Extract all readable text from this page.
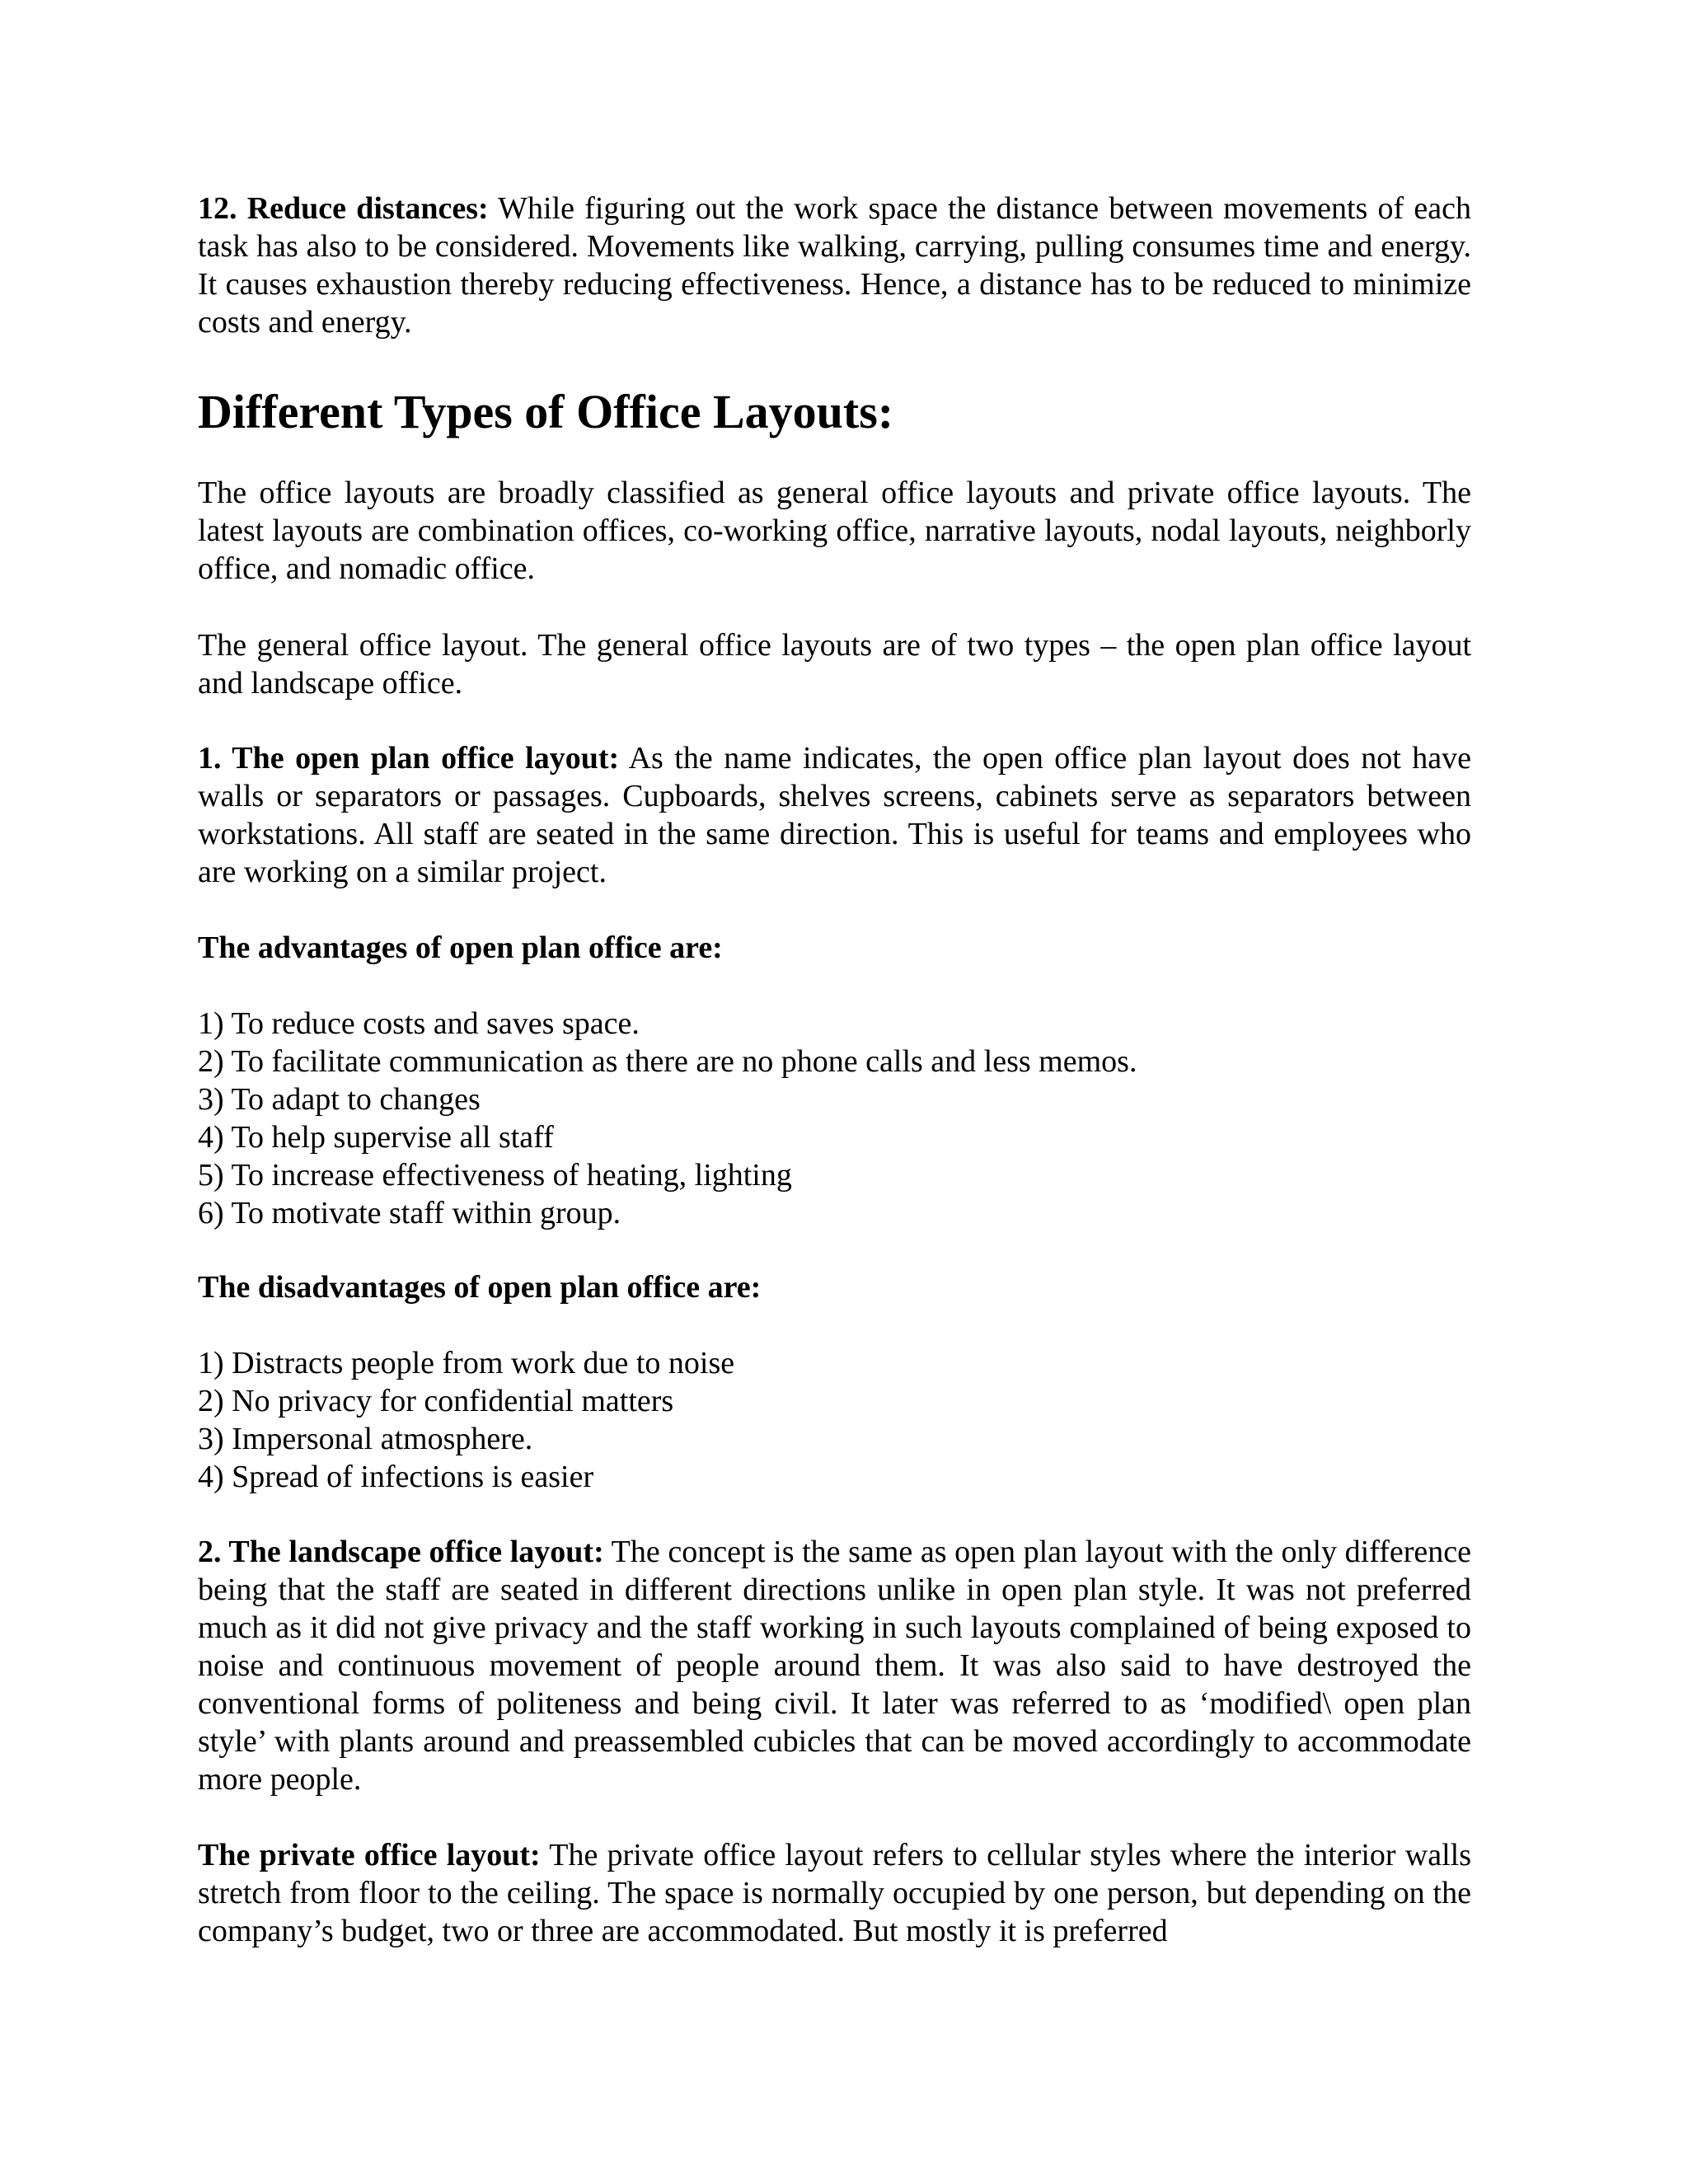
12. Reduce distances: While figuring out the work space the distance between movements of each task has also to be considered. Movements like walking, carrying, pulling consumes time and energy. It causes exhaustion thereby reducing effectiveness. Hence, a distance has to be reduced to minimize costs and energy.

Different Types of Office Layouts:

The office layouts are broadly classified as general office layouts and private office layouts. The latest layouts are combination offices, co-working office, narrative layouts, nodal layouts, neighborly office, and nomadic office.

The general office layout. The general office layouts are of two types – the open plan office layout and landscape office.

1. The open plan office layout: As the name indicates, the open office plan layout does not have walls or separators or passages. Cupboards, shelves screens, cabinets serve as separators between workstations. All staff are seated in the same direction. This is useful for teams and employees who are working on a similar project.

The advantages of open plan office are:

1) To reduce costs and saves space.
2) To facilitate communication as there are no phone calls and less memos.
3) To adapt to changes
4) To help supervise all staff
5) To increase effectiveness of heating, lighting
6) To motivate staff within group.

The disadvantages of open plan office are:

1) Distracts people from work due to noise
2) No privacy for confidential matters
3) Impersonal atmosphere.
4) Spread of infections is easier

2. The landscape office layout: The concept is the same as open plan layout with the only difference being that the staff are seated in different directions unlike in open plan style. It was not preferred much as it did not give privacy and the staff working in such layouts complained of being exposed to noise and continuous movement of people around them. It was also said to have destroyed the conventional forms of politeness and being civil. It later was referred to as ‘modified\ open plan style’ with plants around and preassembled cubicles that can be moved accordingly to accommodate more people.

The private office layout: The private office layout refers to cellular styles where the interior walls stretch from floor to the ceiling. The space is normally occupied by one person, but depending on the company’s budget, two or three are accommodated. But mostly it is preferred
